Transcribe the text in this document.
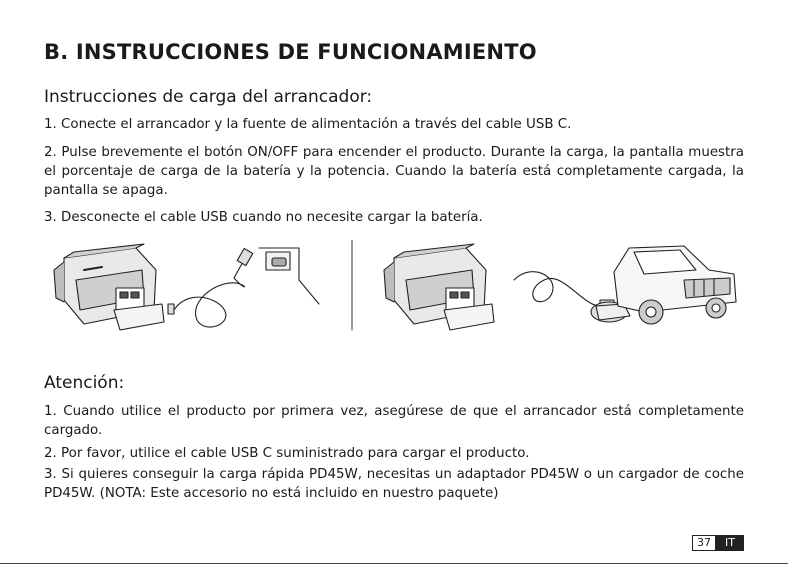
B. INSTRUCCIONES DE FUNCIONAMIENTO
Instrucciones de carga del arrancador:

1. Conecte el arrancador y la fuente de alimentación a través del cable USB C.

2. Pulse brevemente el botón ON/OFF para encender el producto. Durante la carga, la pantalla muestra el porcentaje de carga de la batería y la potencia. Cuando la batería está completamente cargada, la pantalla se apaga.

3. Desconecte el cable USB cuando no necesite cargar la batería.

Atención:

1. Cuando utilice el producto por primera vez, asegúrese de que el arrancador está completamente cargado.

2. Por favor, utilice el cable USB C suministrado para cargar el producto.

3. Si quieres conseguir la carga rápida PD45W, necesitas un adaptador PD45W o un cargador de coche PD45W. (NOTA: Este accesorio no está incluido en nuestro paquete)

37	IT
